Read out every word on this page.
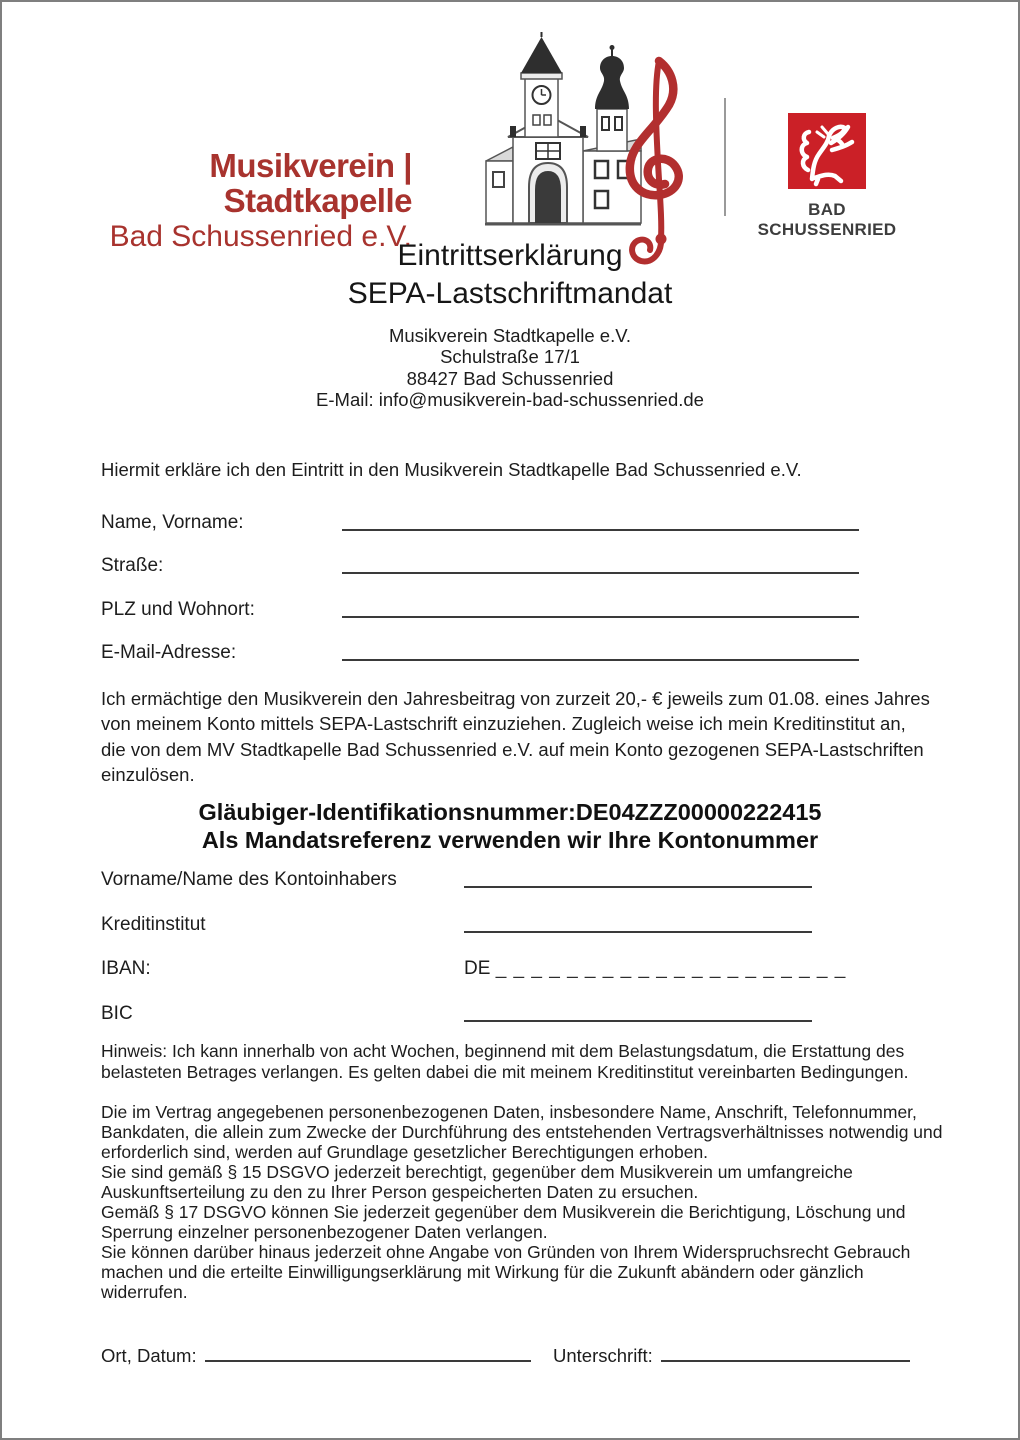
Musikverein | Stadtkapelle
Bad Schussenried e.V.
BAD SCHUSSENRIED
Eintrittserklärung
SEPA-Lastschriftmandat
Musikverein Stadtkapelle e.V.
Schulstraße 17/1
88427 Bad Schussenried
E-Mail: info@musikverein-bad-schussenried.de
Hiermit erkläre ich den Eintritt in den Musikverein Stadtkapelle Bad Schussenried e.V.
Name, Vorname:
Straße:
PLZ und Wohnort:
E-Mail-Adresse:
Ich ermächtige den Musikverein den Jahresbeitrag von zurzeit 20,- € jeweils zum 01.08. eines Jahres von meinem Konto mittels SEPA-Lastschrift einzuziehen. Zugleich weise ich mein Kreditinstitut an, die von dem MV Stadtkapelle Bad Schussenried e.V. auf mein Konto gezogenen SEPA-Lastschriften einzulösen.
Gläubiger-Identifikationsnummer:DE04ZZZ00000222415
Als Mandatsreferenz verwenden wir Ihre Kontonummer
Vorname/Name des Kontoinhabers
Kreditinstitut
IBAN:	DE _ _ _ _ _ _ _ _ _ _ _ _ _ _ _ _ _ _ _ _
BIC
Hinweis: Ich kann innerhalb von acht Wochen, beginnend mit dem Belastungsdatum, die Erstattung des belasteten Betrages verlangen. Es gelten dabei die mit meinem Kreditinstitut vereinbarten Bedingungen.
Die im Vertrag angegebenen personenbezogenen Daten, insbesondere Name, Anschrift, Telefonnummer, Bankdaten, die allein zum Zwecke der Durchführung des entstehenden Vertragsverhältnisses notwendig und erforderlich sind, werden auf Grundlage gesetzlicher Berechtigungen erhoben.
Sie sind gemäß § 15 DSGVO jederzeit berechtigt, gegenüber dem Musikverein um umfangreiche Auskunftserteilung zu den zu Ihrer Person gespeicherten Daten zu ersuchen.
Gemäß § 17 DSGVO können Sie jederzeit gegenüber dem Musikverein die Berichtigung, Löschung und Sperrung einzelner personenbezogener Daten verlangen.
Sie können darüber hinaus jederzeit ohne Angabe von Gründen von Ihrem Widerspruchsrecht Gebrauch machen und die erteilte Einwilligungserklärung mit Wirkung für die Zukunft abändern oder gänzlich widerrufen.
Ort, Datum:	Unterschrift:
